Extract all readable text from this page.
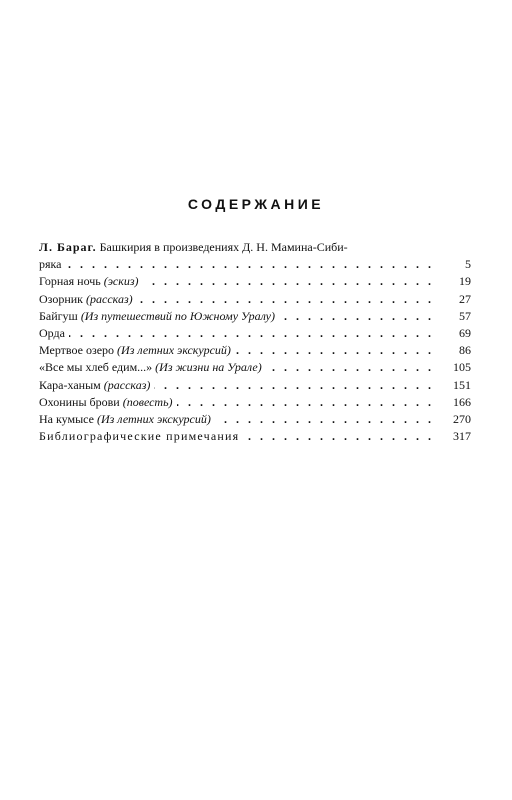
СОДЕРЖАНИЕ
Л. Бараг. Башкирия в произведениях Д. Н. Мамина-Сиби-
. .
ряка	5
. .
Горная ночь (эскиз)	19
. .
Озорник (рассказ)	27
. .
Байгуш (Из путешествий по Южному Уралу)	57
. .
Орда	69
. .
Мертвое озеро (Из летних экскурсий)	86
. .
«Все мы хлеб едим...» (Из жизни на Урале)	105
. .
Кара-ханым (рассказ)	151
. .
Охонины брови (повесть)	166
. .
На кумысе (Из летних экскурсий)	270
. .
Библиографические примечания	317
